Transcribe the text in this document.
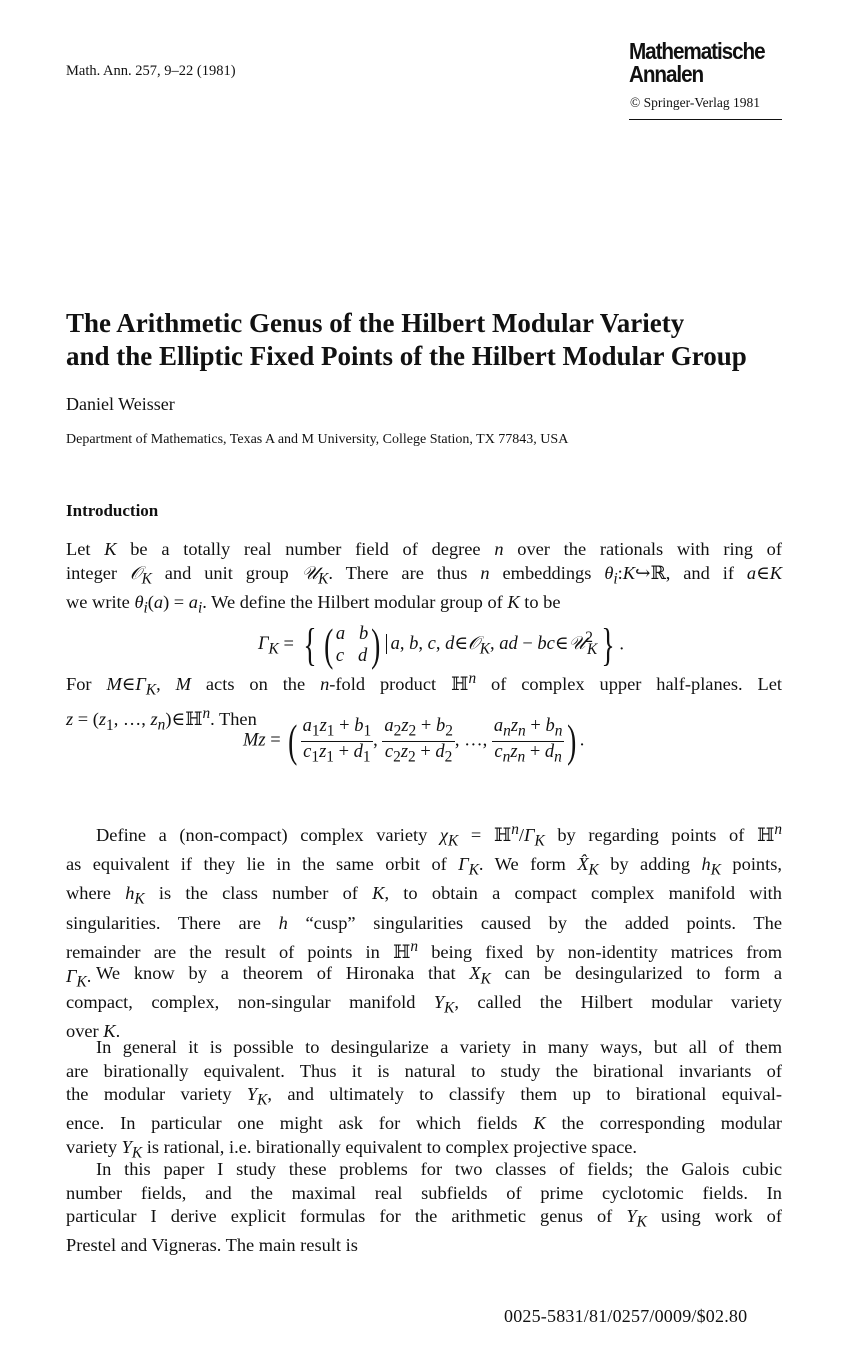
Math. Ann. 257, 9–22 (1981)
Mathematische
Annalen
© Springer-Verlag 1981
The Arithmetic Genus of the Hilbert Modular Variety
and the Elliptic Fixed Points of the Hilbert Modular Group
Daniel Weisser
Department of Mathematics, Texas A and M University, College Station, TX 77843, USA
Introduction
Let K be a totally real number field of degree n over the rationals with ring of
integer 𝒪$_K$ and unit group 𝒰$_K$. There are thus n embeddings $\theta_i:K↪ℝ$, and if a∈K
we write $\theta_i(a) = a_i$. We define the Hilbert modular group of K to be
$\Gamma_K$ = { ( a b
c d ) a, b, c, d∈𝒪$_K$, ad − bc∈𝒰$^2_K$} .
For $M\in\Gamma_K$, M acts on the n-fold product ℍ$^n$ of complex upper half-planes. Let
$z = (z_1$, …, $z_n)\in ℍ^n$. Then
Mz = ( $\frac{a_1z_1 + b_1}{c_1z_1 + d_1}$ , $\frac{a_2z_2 + b_2}{c_2z_2 + d_2}$ , …, $\frac{a_nz_n + b_n}{c_nz_n + d_n}$ ) .
Define a (non-compact) complex variety $\chi_K$ = $ℍ^n/\Gamma_K$ by regarding points of ℍ$^n$
as equivalent if they lie in the same orbit of $\Gamma_K$. We form $X̂_K$ by adding $h_K$ points,
where $h_K$ is the class number of K, to obtain a compact complex manifold with
singularities. There are h “cusp” singularities caused by the added points. The
remainder are the result of points in ℍ$^n$ being fixed by non-identity matrices from
$\Gamma_K$. We know by a theorem of Hironaka that $X_K$ can be desingularized to form a
compact, complex, non-singular manifold $Y_K$, called the Hilbert modular variety
over K.
In general it is possible to desingularize a variety in many ways, but all of them
are birationally equivalent. Thus it is natural to study the birational invariants of
the modular variety $Y_K$, and ultimately to classify them up to birational equival-
ence. In particular one might ask for which fields K the corresponding modular
variety $Y_K$ is rational, i.e. birationally equivalent to complex projective space.
In this paper I study these problems for two classes of fields; the Galois cubic
number fields, and the maximal real subfields of prime cyclotomic fields. In
particular I derive explicit formulas for the arithmetic genus of $Y_K$ using work of
Prestel and Vigneras. The main result is
0025-5831/81/0257/0009/$02.80
